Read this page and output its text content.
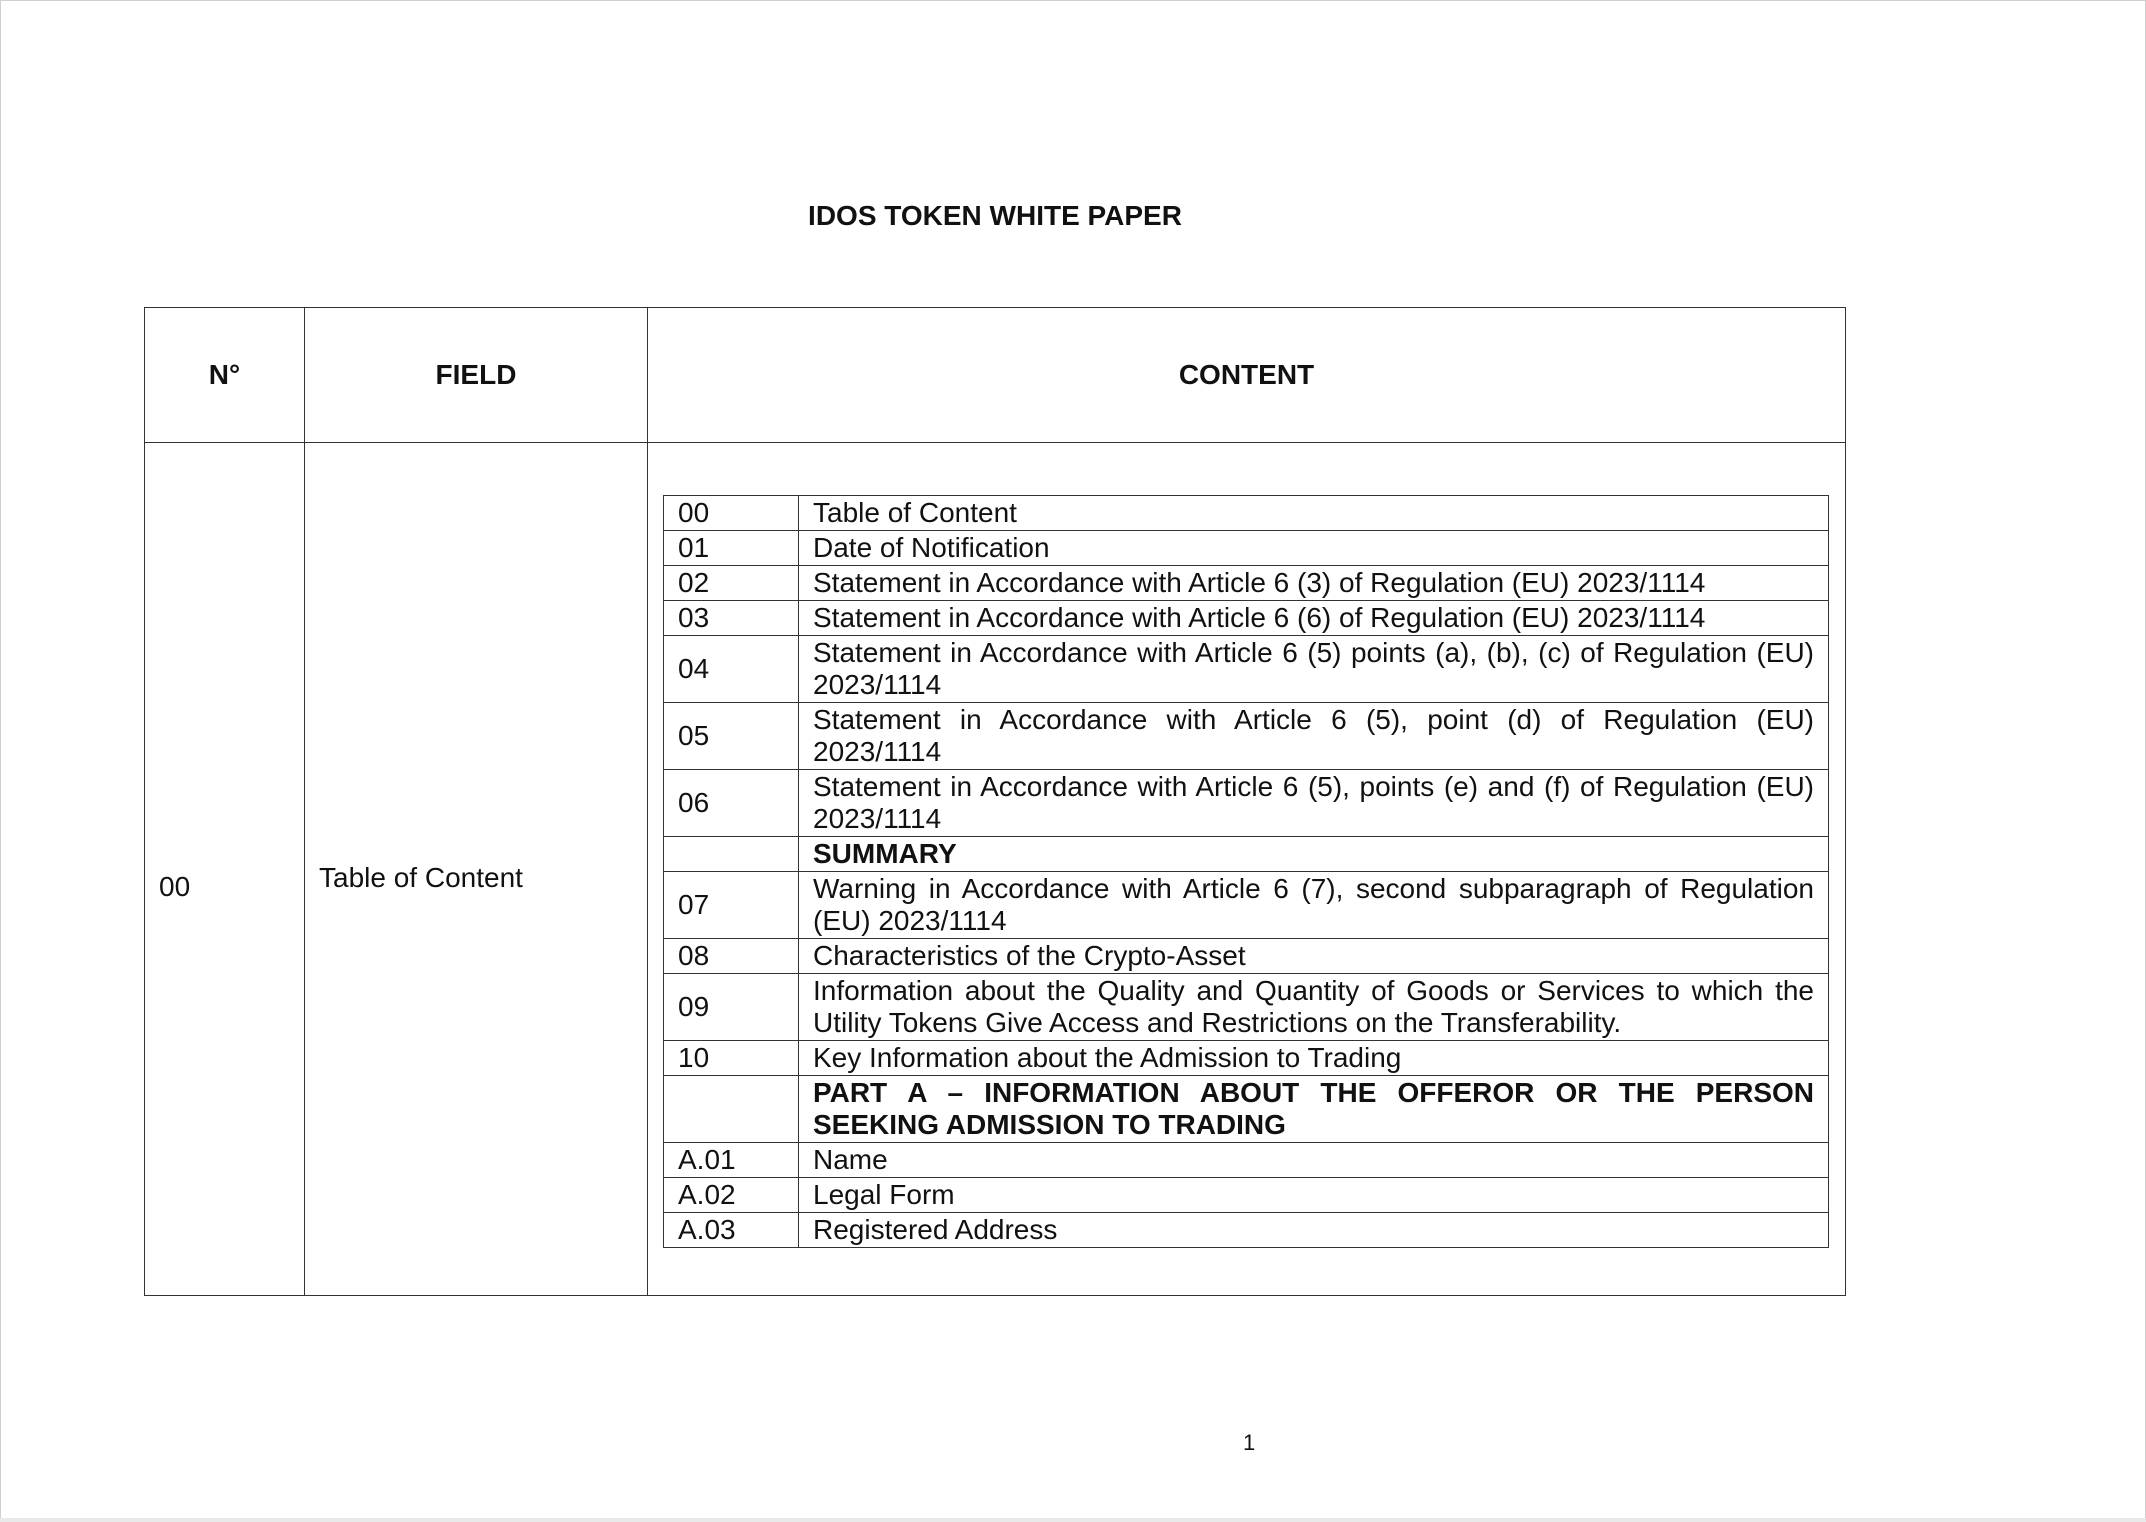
IDOS TOKEN WHITE PAPER
N°	FIELD	CONTENT
00	Table of Content	
00	Table of Content
01	Date of Notification
02	Statement in Accordance with Article 6 (3) of Regulation (EU) 2023/1114
03	Statement in Accordance with Article 6 (6) of Regulation (EU) 2023/1114
04	Statement in Accordance with Article 6 (5) points (a), (b), (c) of Regulation (EU) 2023/1114
05	Statement in Accordance with Article 6 (5), point (d) of Regulation (EU) 2023/1114
06	Statement in Accordance with Article 6 (5), points (e) and (f) of Regulation (EU) 2023/1114
	SUMMARY
07	Warning in Accordance with Article 6 (7), second subparagraph of Regulation (EU) 2023/1114
08	Characteristics of the Crypto-Asset
09	Information about the Quality and Quantity of Goods or Services to which the Utility Tokens Give Access and Restrictions on the Transferability.
10	Key Information about the Admission to Trading
	PART A – INFORMATION ABOUT THE OFFEROR OR THE PERSON SEEKING ADMISSION TO TRADING
A.01	Name
A.02	Legal Form
A.03	Registered Address
1
